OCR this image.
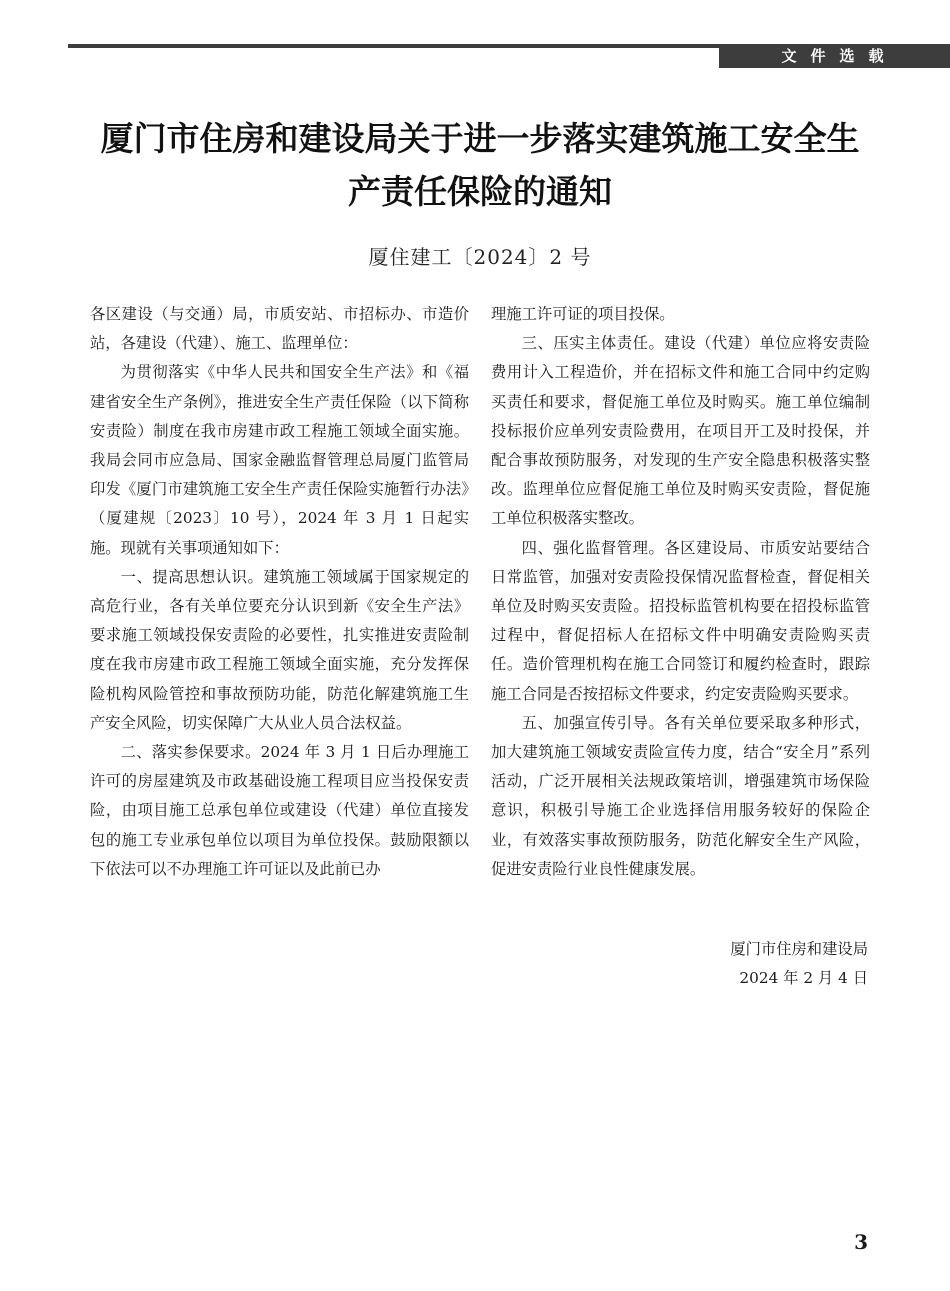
文件选载
厦门市住房和建设局关于进一步落实建筑施工安全生
产责任保险的通知
厦住建工〔2024〕2 号

各区建设（与交通）局，市质安站、市招标办、市造价站，各建设（代建）、施工、监理单位：

为贯彻落实《中华人民共和国安全生产法》和《福建省安全生产条例》，推进安全生产责任保险（以下简称安责险）制度在我市房建市政工程施工领域全面实施。我局会同市应急局、国家金融监督管理总局厦门监管局印发《厦门市建筑施工安全生产责任保险实施暂行办法》（厦建规〔2023〕10 号），2024 年 3 月 1 日起实施。现就有关事项通知如下：

一、提高思想认识。建筑施工领域属于国家规定的高危行业，各有关单位要充分认识到新《安全生产法》要求施工领域投保安责险的必要性，扎实推进安责险制度在我市房建市政工程施工领域全面实施，充分发挥保险机构风险管控和事故预防功能，防范化解建筑施工生产安全风险，切实保障广大从业人员合法权益。

二、落实参保要求。2024 年 3 月 1 日后办理施工许可的房屋建筑及市政基础设施工程项目应当投保安责险，由项目施工总承包单位或建设（代建）单位直接发包的施工专业承包单位以项目为单位投保。鼓励限额以下依法可以不办理施工许可证以及此前已办

理施工许可证的项目投保。

三、压实主体责任。建设（代建）单位应将安责险费用计入工程造价，并在招标文件和施工合同中约定购买责任和要求，督促施工单位及时购买。施工单位编制投标报价应单列安责险费用，在项目开工及时投保，并配合事故预防服务，对发现的生产安全隐患积极落实整改。监理单位应督促施工单位及时购买安责险，督促施工单位积极落实整改。

四、强化监督管理。各区建设局、市质安站要结合日常监管，加强对安责险投保情况监督检查，督促相关单位及时购买安责险。招投标监管机构要在招投标监管过程中，督促招标人在招标文件中明确安责险购买责任。造价管理机构在施工合同签订和履约检查时，跟踪施工合同是否按招标文件要求，约定安责险购买要求。

五、加强宣传引导。各有关单位要采取多种形式，加大建筑施工领域安责险宣传力度，结合“安全月”系列活动，广泛开展相关法规政策培训，增强建筑市场保险意识，积极引导施工企业选择信用服务较好的保险企业，有效落实事故预防服务，防范化解安全生产风险，促进安责险行业良性健康发展。

厦门市住房和建设局
2024 年 2 月 4 日
3
